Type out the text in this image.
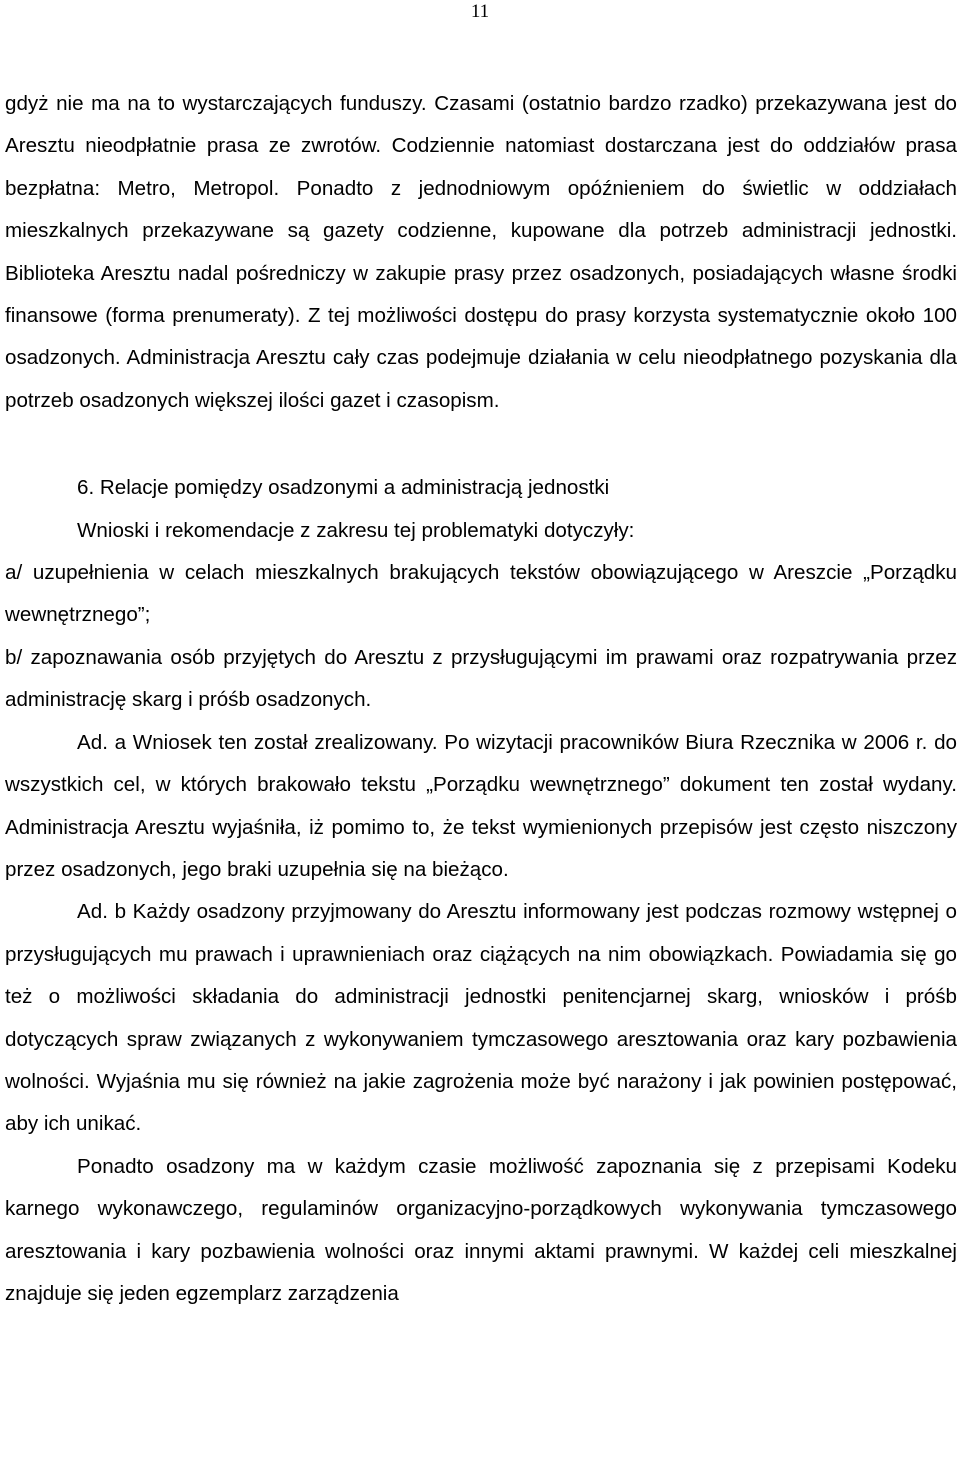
11

gdyż nie ma na to wystarczających funduszy. Czasami (ostatnio bardzo rzadko) przekazywana jest do Aresztu nieodpłatnie prasa ze zwrotów. Codziennie natomiast dostarczana jest do oddziałów prasa bezpłatna: Metro, Metropol. Ponadto z jednodniowym opóźnieniem do świetlic w oddziałach mieszkalnych przekazywane są gazety codzienne, kupowane dla potrzeb administracji jednostki. Biblioteka Aresztu nadal pośredniczy w zakupie prasy przez osadzonych, posiadających własne środki finansowe (forma prenumeraty). Z tej możliwości dostępu do prasy korzysta systematycznie około 100 osadzonych. Administracja Aresztu cały czas podejmuje działania w celu nieodpłatnego pozyskania dla potrzeb osadzonych większej ilości gazet i czasopism.

6. Relacje pomiędzy osadzonymi a administracją jednostki

Wnioski i rekomendacje z zakresu tej problematyki dotyczyły:

a/ uzupełnienia w celach mieszkalnych brakujących tekstów obowiązującego w Areszcie „Porządku wewnętrznego”;

b/ zapoznawania osób przyjętych do Aresztu z przysługującymi im prawami oraz rozpatrywania przez administrację skarg i próśb osadzonych.

Ad. a Wniosek ten został zrealizowany. Po wizytacji pracowników Biura Rzecznika w 2006 r. do wszystkich cel, w których brakowało tekstu „Porządku wewnętrznego” dokument ten został wydany. Administracja Aresztu wyjaśniła, iż pomimo to, że tekst wymienionych przepisów jest często niszczony przez osadzonych, jego braki uzupełnia się na bieżąco.

Ad. b Każdy osadzony przyjmowany do Aresztu informowany jest podczas rozmowy wstępnej o przysługujących mu prawach i uprawnieniach oraz ciążących na nim obowiązkach. Powiadamia się go też o możliwości składania do administracji jednostki penitencjarnej skarg, wniosków i próśb dotyczących spraw związanych z wykonywaniem tymczasowego aresztowania oraz kary pozbawienia wolności. Wyjaśnia mu się również na jakie zagrożenia może być narażony i jak powinien postępować, aby ich unikać.

Ponadto osadzony ma w każdym czasie możliwość zapoznania się z przepisami Kodeku karnego wykonawczego, regulaminów organizacyjno-porządkowych wykonywania tymczasowego aresztowania i kary pozbawienia wolności oraz innymi aktami prawnymi. W każdej celi mieszkalnej znajduje się jeden egzemplarz zarządzenia
